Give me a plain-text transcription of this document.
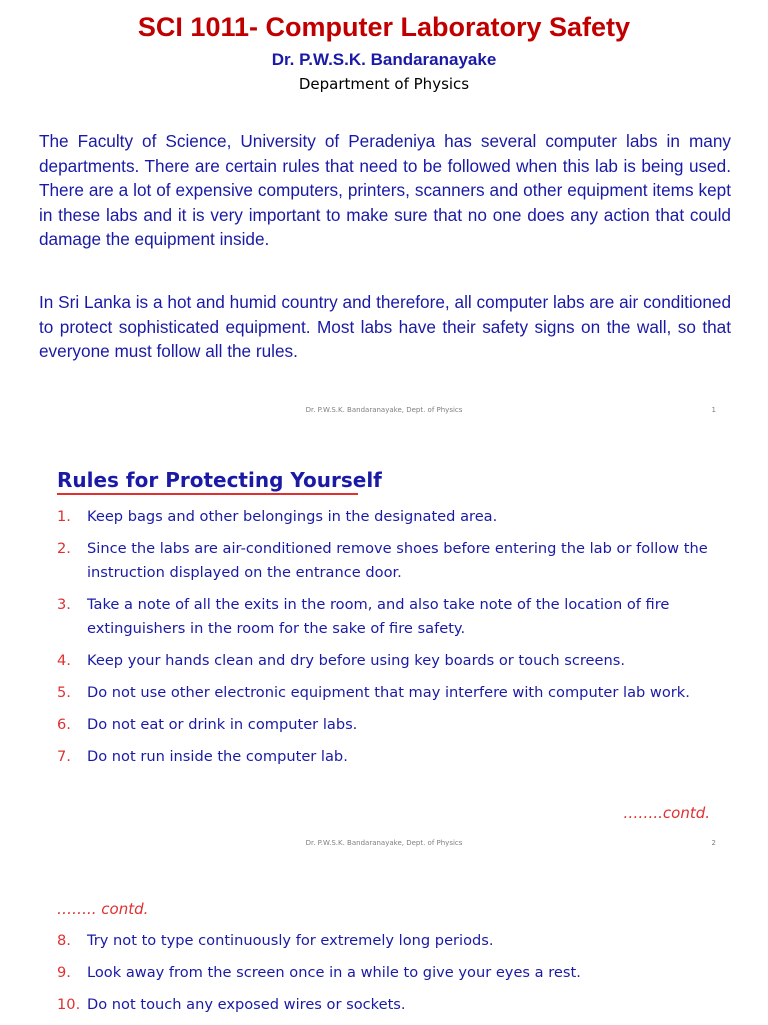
SCI 1011- Computer Laboratory Safety
Dr. P.W.S.K. Bandaranayake
Department of Physics

The Faculty of Science, University of Peradeniya has several computer labs in many departments. There are certain rules that need to be followed when this lab is being used. There are a lot of expensive computers, printers, scanners and other equipment items kept in these labs and it is very important to make sure that no one does any action that could damage the equipment inside.

In Sri Lanka is a hot and humid country and therefore, all computer labs are air conditioned to protect sophisticated equipment. Most labs have their safety signs on the wall, so that everyone must follow all the rules.

Dr. P.W.S.K. Bandaranayake, Dept. of Physics	1
Rules for Protecting Yourself
1.	Keep bags and other belongings in the designated area.
2.	Since the labs are air-conditioned remove shoes before entering the lab or follow the instruction displayed on the entrance door.
3.	Take a note of all the exits in the room, and also take note of the location of fire extinguishers in the room for the sake of fire safety.
4.	Keep your hands clean and dry before using key boards or touch screens.
5.	Do not use other electronic equipment that may interfere with computer lab work.
6.	Do not eat or drink in computer labs.
7.	Do not run inside the computer lab.
……..contd.
Dr. P.W.S.K. Bandaranayake, Dept. of Physics	2
…….. contd.
8.	Try not to type continuously for extremely long periods.
9.	Look away from the screen once in a while to give your eyes a rest.
10. Do not touch any exposed wires or sockets.
